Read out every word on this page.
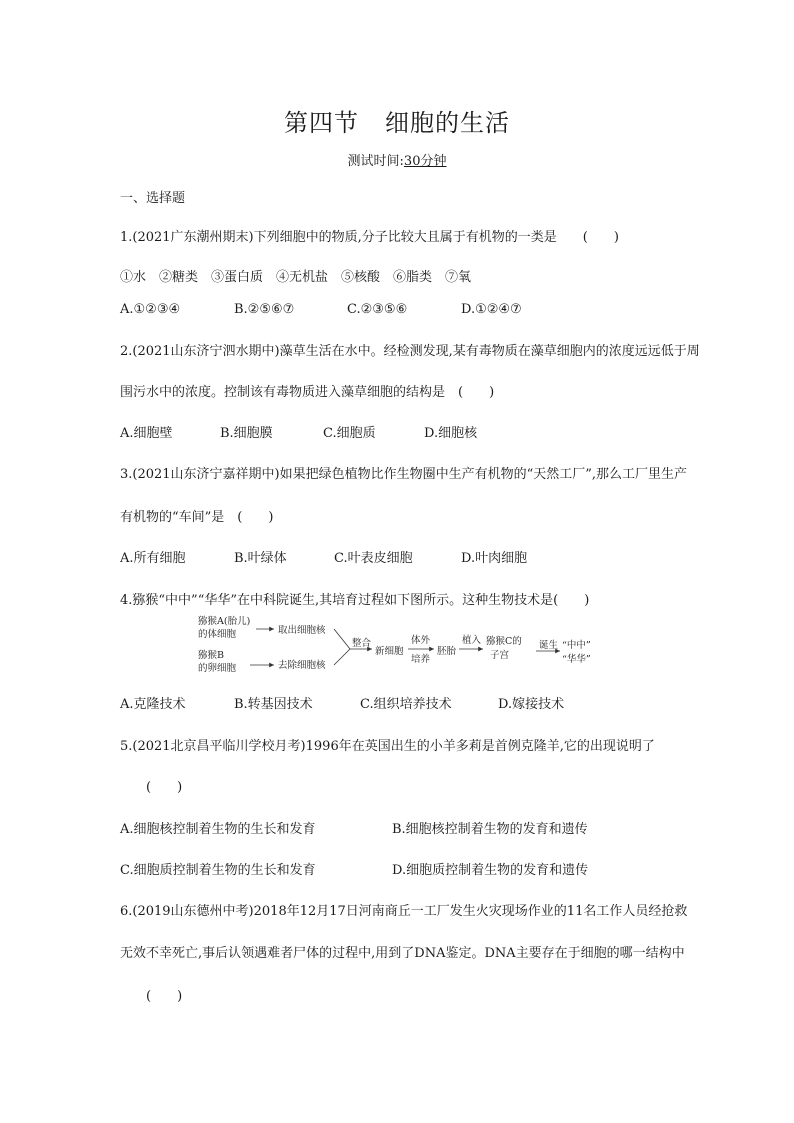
第四节 细胞的生活
测试时间:30分钟
一、选择题
1.(2021广东潮州期末)下列细胞中的物质,分子比较大且属于有机物的一类是　　(　　)
①水　②糖类　③蛋白质　④无机盐　⑤核酸　⑥脂类　⑦氧
A.①②③④	B.②⑤⑥⑦	C.②③⑤⑥	D.①②④⑦
2.(2021山东济宁泗水期中)藻草生活在水中。经检测发现,某有毒物质在藻草细胞内的浓度远远低于周
围污水中的浓度。控制该有毒物质进入藻草细胞的结构是　(　　)
A.细胞壁	B.细胞膜	C.细胞质	D.细胞核
3.(2021山东济宁嘉祥期中)如果把绿色植物比作生物圈中生产有机物的“天然工厂”,那么工厂里生产
有机物的“车间”是　(　　)
A.所有细胞	B.叶绿体	C.叶表皮细胞	D.叶肉细胞
4.猕猴“中中”“华华”在中科院诞生,其培育过程如下图所示。这种生物技术是(　　)
猕猴A(胎儿)
的体细胞	取出细胞核
猕猴B
的卵细胞	去除细胞核
整合
新细胞
体外
培养
胚胎
植入 猕猴C的
子宫
诞生 “中中”
“华华”
A.克隆技术	B.转基因技术	C.组织培养技术	D.嫁接技术
5.(2021北京昌平临川学校月考)1996年在英国出生的小羊多莉是首例克隆羊,它的出现说明了
(　　)
A.细胞核控制着生物的生长和发育	B.细胞核控制着生物的发育和遗传
C.细胞质控制着生物的生长和发育	D.细胞质控制着生物的发育和遗传
6.(2019山东德州中考)2018年12月17日河南商丘一工厂发生火灾现场作业的11名工作人员经抢救
无效不幸死亡,事后认领遇难者尸体的过程中,用到了DNA鉴定。DNA主要存在于细胞的哪一结构中
(　　)
